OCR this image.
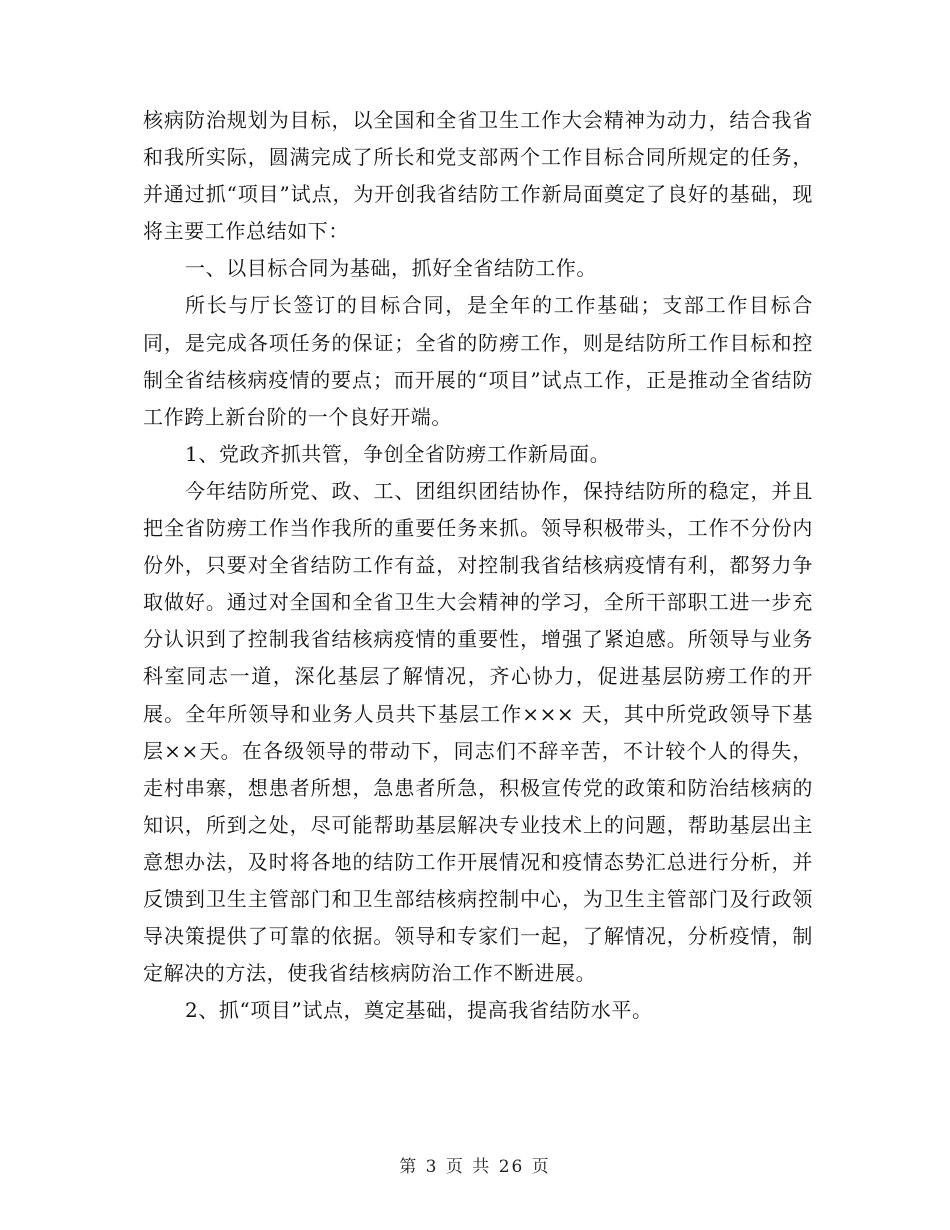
核病防治规划为目标，以全国和全省卫生工作大会精神为动力，结合我省和我所实际，圆满完成了所长和党支部两个工作目标合同所规定的任务，并通过抓“项目”试点，为开创我省结防工作新局面奠定了良好的基础，现将主要工作总结如下：

一、以目标合同为基础，抓好全省结防工作。

所长与厅长签订的目标合同，是全年的工作基础；支部工作目标合同，是完成各项任务的保证；全省的防痨工作，则是结防所工作目标和控制全省结核病疫情的要点；而开展的“项目”试点工作，正是推动全省结防工作跨上新台阶的一个良好开端。

1、党政齐抓共管，争创全省防痨工作新局面。

今年结防所党、政、工、团组织团结协作，保持结防所的稳定，并且把全省防痨工作当作我所的重要任务来抓。领导积极带头，工作不分份内份外，只要对全省结防工作有益，对控制我省结核病疫情有利，都努力争取做好。通过对全国和全省卫生大会精神的学习，全所干部职工进一步充分认识到了控制我省结核病疫情的重要性，增强了紧迫感。所领导与业务科室同志一道，深化基层了解情况，齐心协力，促进基层防痨工作的开展。全年所领导和业务人员共下基层工作××× 天，其中所党政领导下基层××天。在各级领导的带动下，同志们不辞辛苦，不计较个人的得失，走村串寨，想患者所想，急患者所急，积极宣传党的政策和防治结核病的知识，所到之处，尽可能帮助基层解决专业技术上的问题，帮助基层出主意想办法，及时将各地的结防工作开展情况和疫情态势汇总进行分析，并反馈到卫生主管部门和卫生部结核病控制中心，为卫生主管部门及行政领导决策提供了可靠的依据。领导和专家们一起，了解情况，分析疫情，制定解决的方法，使我省结核病防治工作不断进展。

2、抓“项目”试点，奠定基础，提高我省结防水平。

第 3 页 共 26 页
